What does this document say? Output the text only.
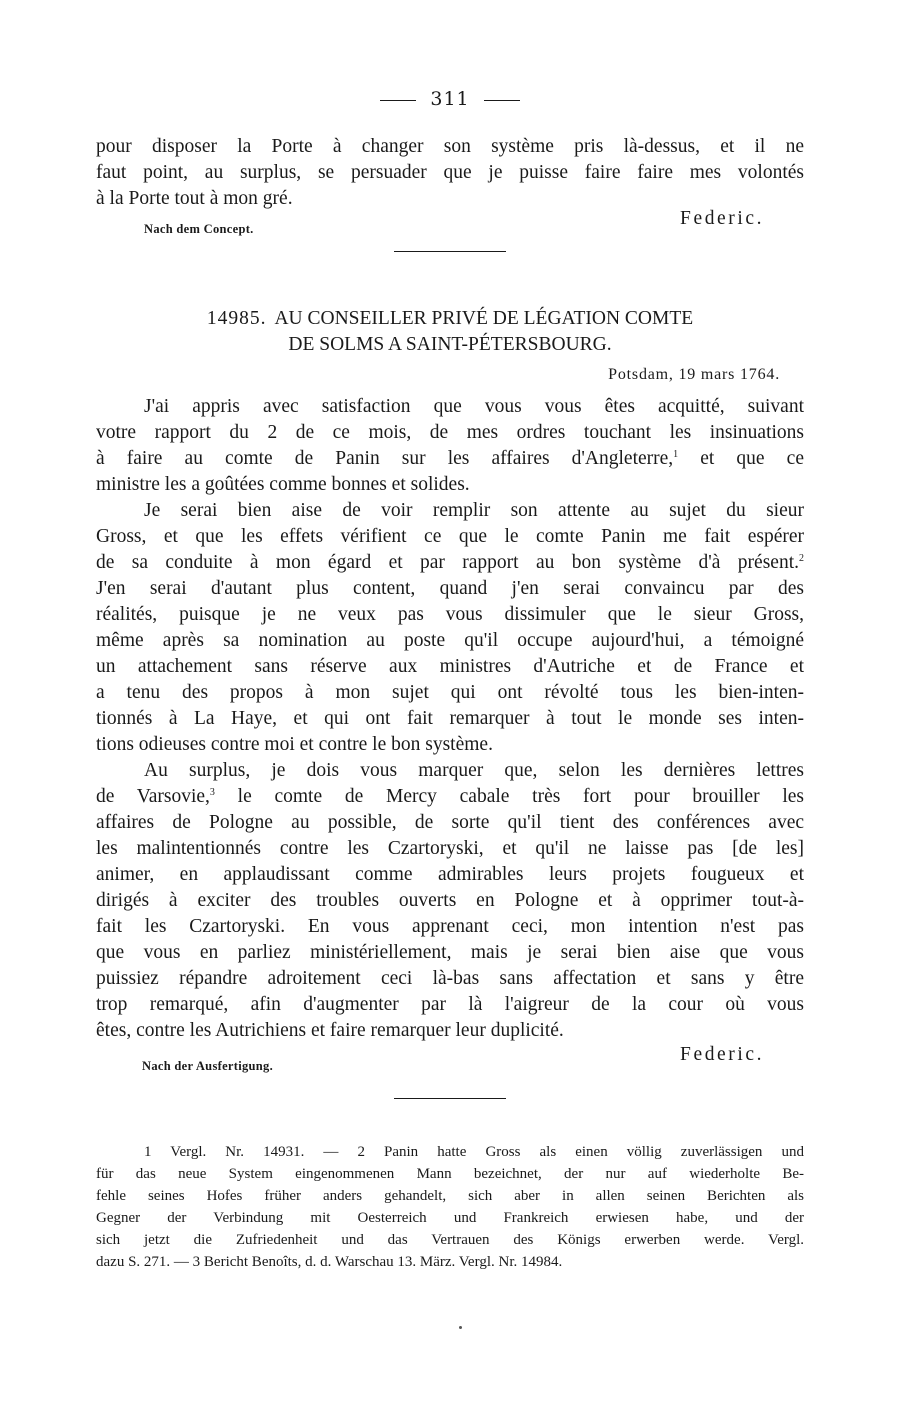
311
pour disposer la Porte à changer son système pris là-dessus, et il ne
faut point, au surplus, se persuader que je puisse faire faire mes volontés
à la Porte tout à mon gré.
Nach dem Concept.	Federic.
14985. AU CONSEILLER PRIVÉ DE LÉGATION COMTE
DE SOLMS A SAINT-PÉTERSBOURG.
Potsdam, 19 mars 1764.
J'ai appris avec satisfaction que vous vous êtes acquitté, suivant
votre rapport du 2 de ce mois, de mes ordres touchant les insinuations
à faire au comte de Panin sur les affaires d'Angleterre,$^1$ et que ce
ministre les a goûtées comme bonnes et solides.
Je serai bien aise de voir remplir son attente au sujet du sieur
Gross, et que les effets vérifient ce que le comte Panin me fait espérer
de sa conduite à mon égard et par rapport au bon système d'à présent.$^2$
J'en serai d'autant plus content, quand j'en serai convaincu par des
réalités, puisque je ne veux pas vous dissimuler que le sieur Gross,
même après sa nomination au poste qu'il occupe aujourd'hui, a témoigné
un attachement sans réserve aux ministres d'Autriche et de France et
a tenu des propos à mon sujet qui ont révolté tous les bien-inten-
tionnés à La Haye, et qui ont fait remarquer à tout le monde ses inten-
tions odieuses contre moi et contre le bon système.
Au surplus, je dois vous marquer que, selon les dernières lettres
de Varsovie,$^3$ le comte de Mercy cabale très fort pour brouiller les
affaires de Pologne au possible, de sorte qu'il tient des conférences avec
les malintentionnés contre les Czartoryski, et qu'il ne laisse pas [de les]
animer, en applaudissant comme admirables leurs projets fougueux et
dirigés à exciter des troubles ouverts en Pologne et à opprimer tout-à-
fait les Czartoryski. En vous apprenant ceci, mon intention n'est pas
que vous en parliez ministériellement, mais je serai bien aise que vous
puissiez répandre adroitement ceci là-bas sans affectation et sans y être
trop remarqué, afin d'augmenter par là l'aigreur de la cour où vous
êtes, contre les Autrichiens et faire remarquer leur duplicité.
Nach der Ausfertigung.
Federic.
1 Vergl. Nr. 14931. — 2 Panin hatte Gross als einen völlig zuverlässigen und
für das neue System eingenommenen Mann bezeichnet, der nur auf wiederholte Be-
fehle seines Hofes früher anders gehandelt, sich aber in allen seinen Berichten als
Gegner der Verbindung mit Oesterreich und Frankreich erwiesen habe, und der
sich jetzt die Zufriedenheit und das Vertrauen des Königs erwerben werde. Vergl.
dazu S. 271. — 3 Bericht Benoîts, d. d. Warschau 13. März. Vergl. Nr. 14984.
